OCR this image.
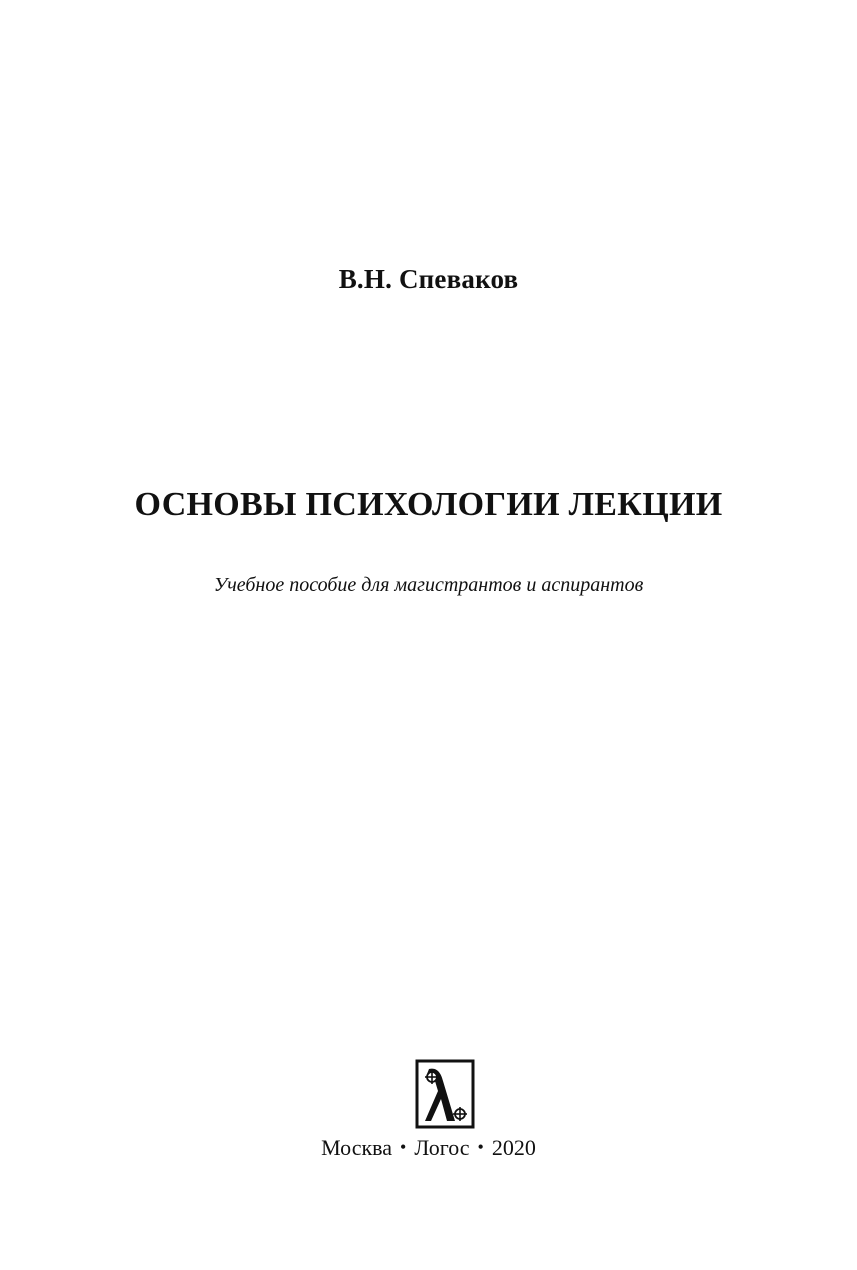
В.Н. Спеваков
ОСНОВЫ ПСИХОЛОГИИ ЛЕКЦИИ
Учебное пособие для магистрантов и аспирантов
Москва • Логос • 2020
